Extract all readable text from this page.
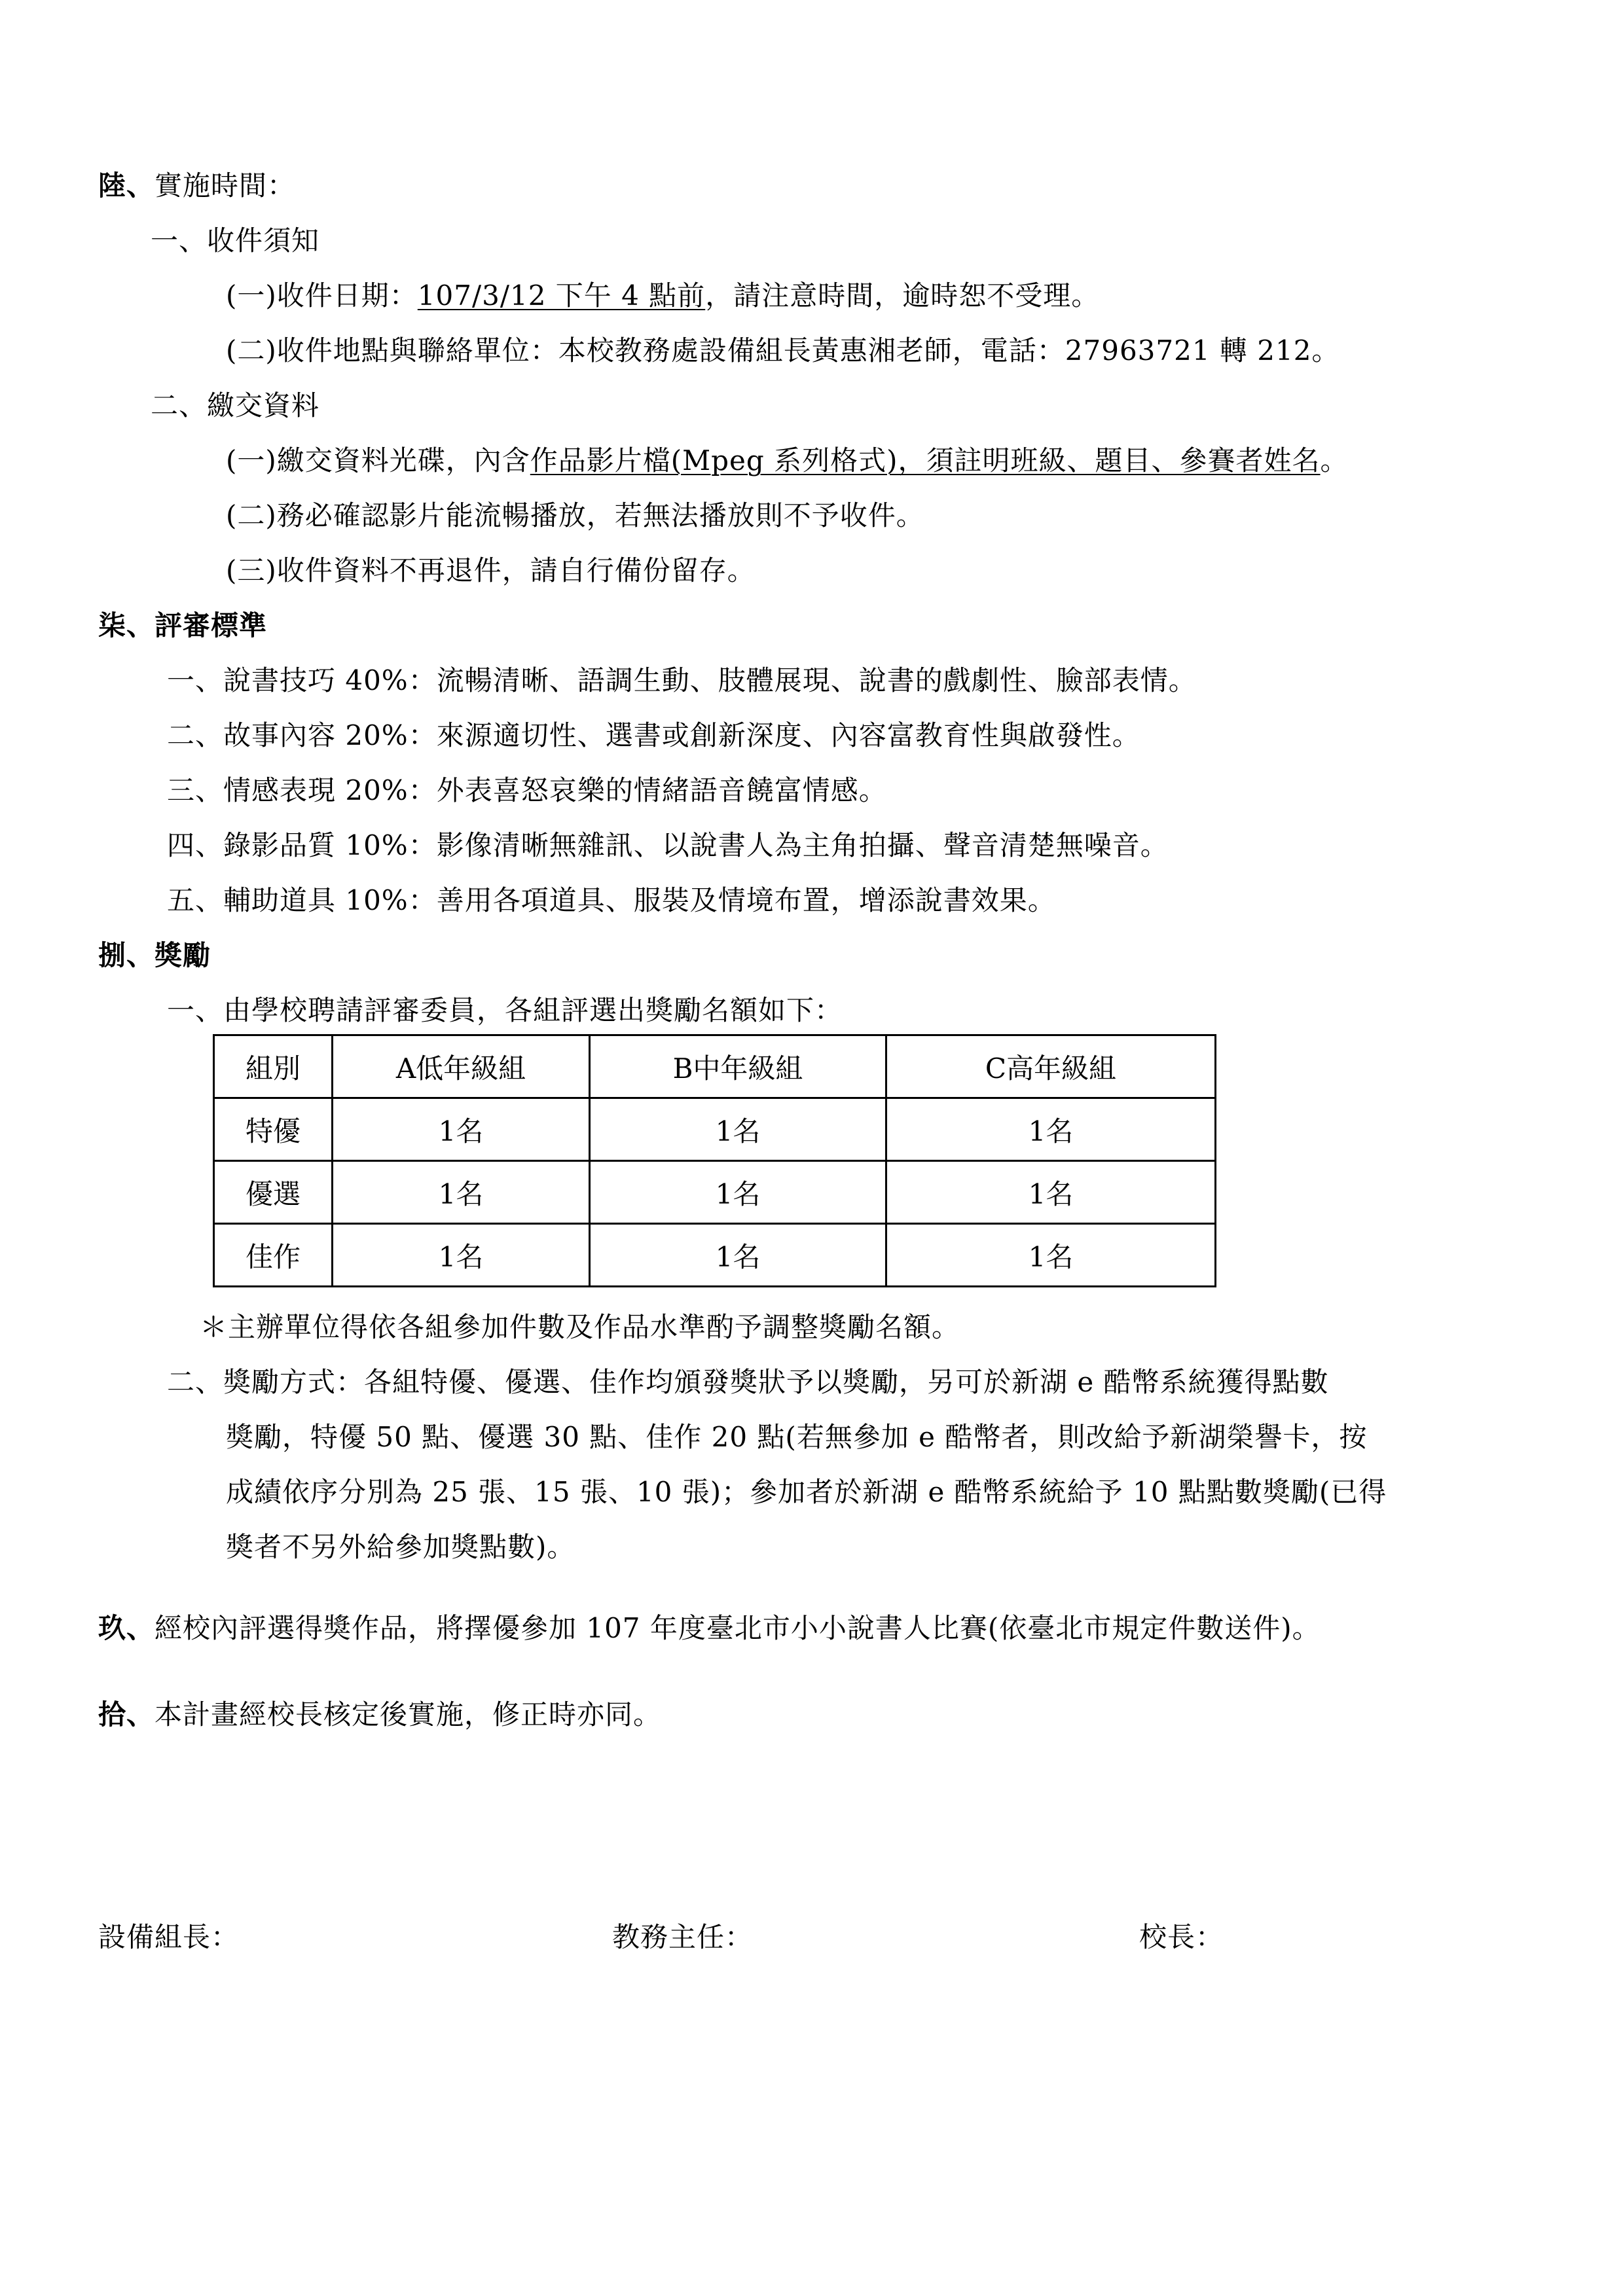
陸、實施時間：
一、收件須知
(一)收件日期：107/3/12 下午 4 點前，請注意時間，逾時恕不受理。
(二)收件地點與聯絡單位：本校教務處設備組長黃惠湘老師，電話：27963721 轉 212。
二、繳交資料
(一)繳交資料光碟，內含作品影片檔(Mpeg 系列格式)，須註明班級、題目、參賽者姓名。
(二)務必確認影片能流暢播放，若無法播放則不予收件。
(三)收件資料不再退件，請自行備份留存。
柒、評審標準
一、說書技巧 40%：流暢清晰、語調生動、肢體展現、說書的戲劇性、臉部表情。
二、故事內容 20%：來源適切性、選書或創新深度、內容富教育性與啟發性。
三、情感表現 20%：外表喜怒哀樂的情緒語音饒富情感。
四、錄影品質 10%：影像清晰無雜訊、以說書人為主角拍攝、聲音清楚無噪音。
五、輔助道具 10%：善用各項道具、服裝及情境布置，增添說書效果。
捌、獎勵
一、由學校聘請評審委員，各組評選出獎勵名額如下：
組別	A低年級組	B中年級組	C高年級組
特優	1名	1名	1名
優選	1名	1名	1名
佳作	1名	1名	1名
＊主辦單位得依各組參加件數及作品水準酌予調整獎勵名額。
二、獎勵方式：各組特優、優選、佳作均頒發獎狀予以獎勵，另可於新湖 e 酷幣系統獲得點數
獎勵，特優 50 點、優選 30 點、佳作 20 點(若無參加 e 酷幣者，則改給予新湖榮譽卡，按
成績依序分別為 25 張、15 張、10 張)；參加者於新湖 e 酷幣系統給予 10 點點數獎勵(已得
獎者不另外給參加獎點數)。
玖、經校內評選得獎作品，將擇優參加 107 年度臺北市小小說書人比賽(依臺北市規定件數送件)。
拾、本計畫經校長核定後實施，修正時亦同。
設備組長：	教務主任：	校長：
